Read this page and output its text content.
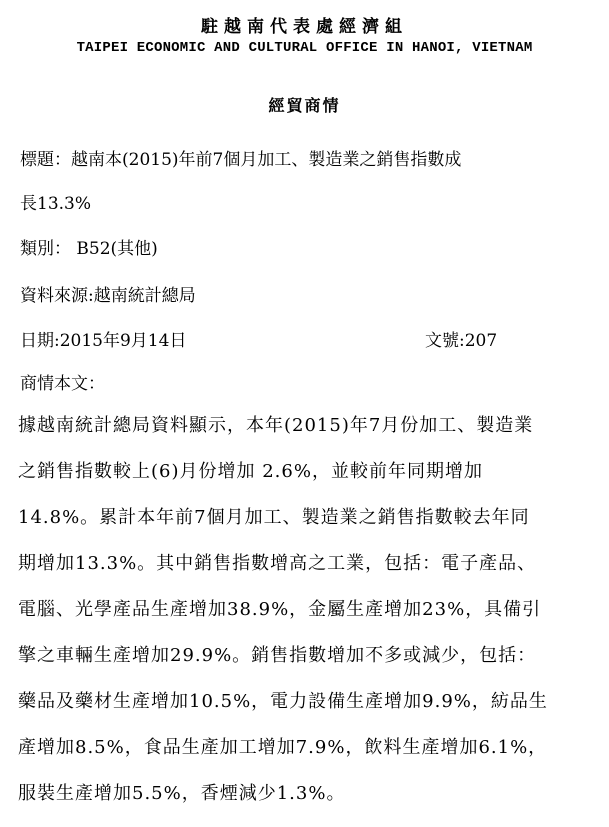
駐越南代表處經濟組
TAIPEI ECONOMIC AND CULTURAL OFFICE IN HANOI, VIETNAM
經貿商情
標題：越南本(2015)年前7個月加工、製造業之銷售指數成
長13.3%
類別： B52(其他)
資料來源:越南統計總局
日期:2015年9月14日	文號:207
商情本文：
據越南統計總局資料顯示，本年(2015)年7月份加工、製造業
之銷售指數較上(6)月份增加 2.6%，並較前年同期增加
14.8%。累計本年前7個月加工、製造業之銷售指數較去年同
期增加13.3%。其中銷售指數增高之工業，包括：電子產品、
電腦、光學產品生產增加38.9%，金屬生產增加23%，具備引
擎之車輛生產增加29.9%。銷售指數增加不多或減少，包括：
藥品及藥材生產增加10.5%，電力設備生產增加9.9%，紡品生
產增加8.5%，食品生產加工增加7.9%，飲料生產增加6.1%，
服裝生產增加5.5%，香煙減少1.3%。
